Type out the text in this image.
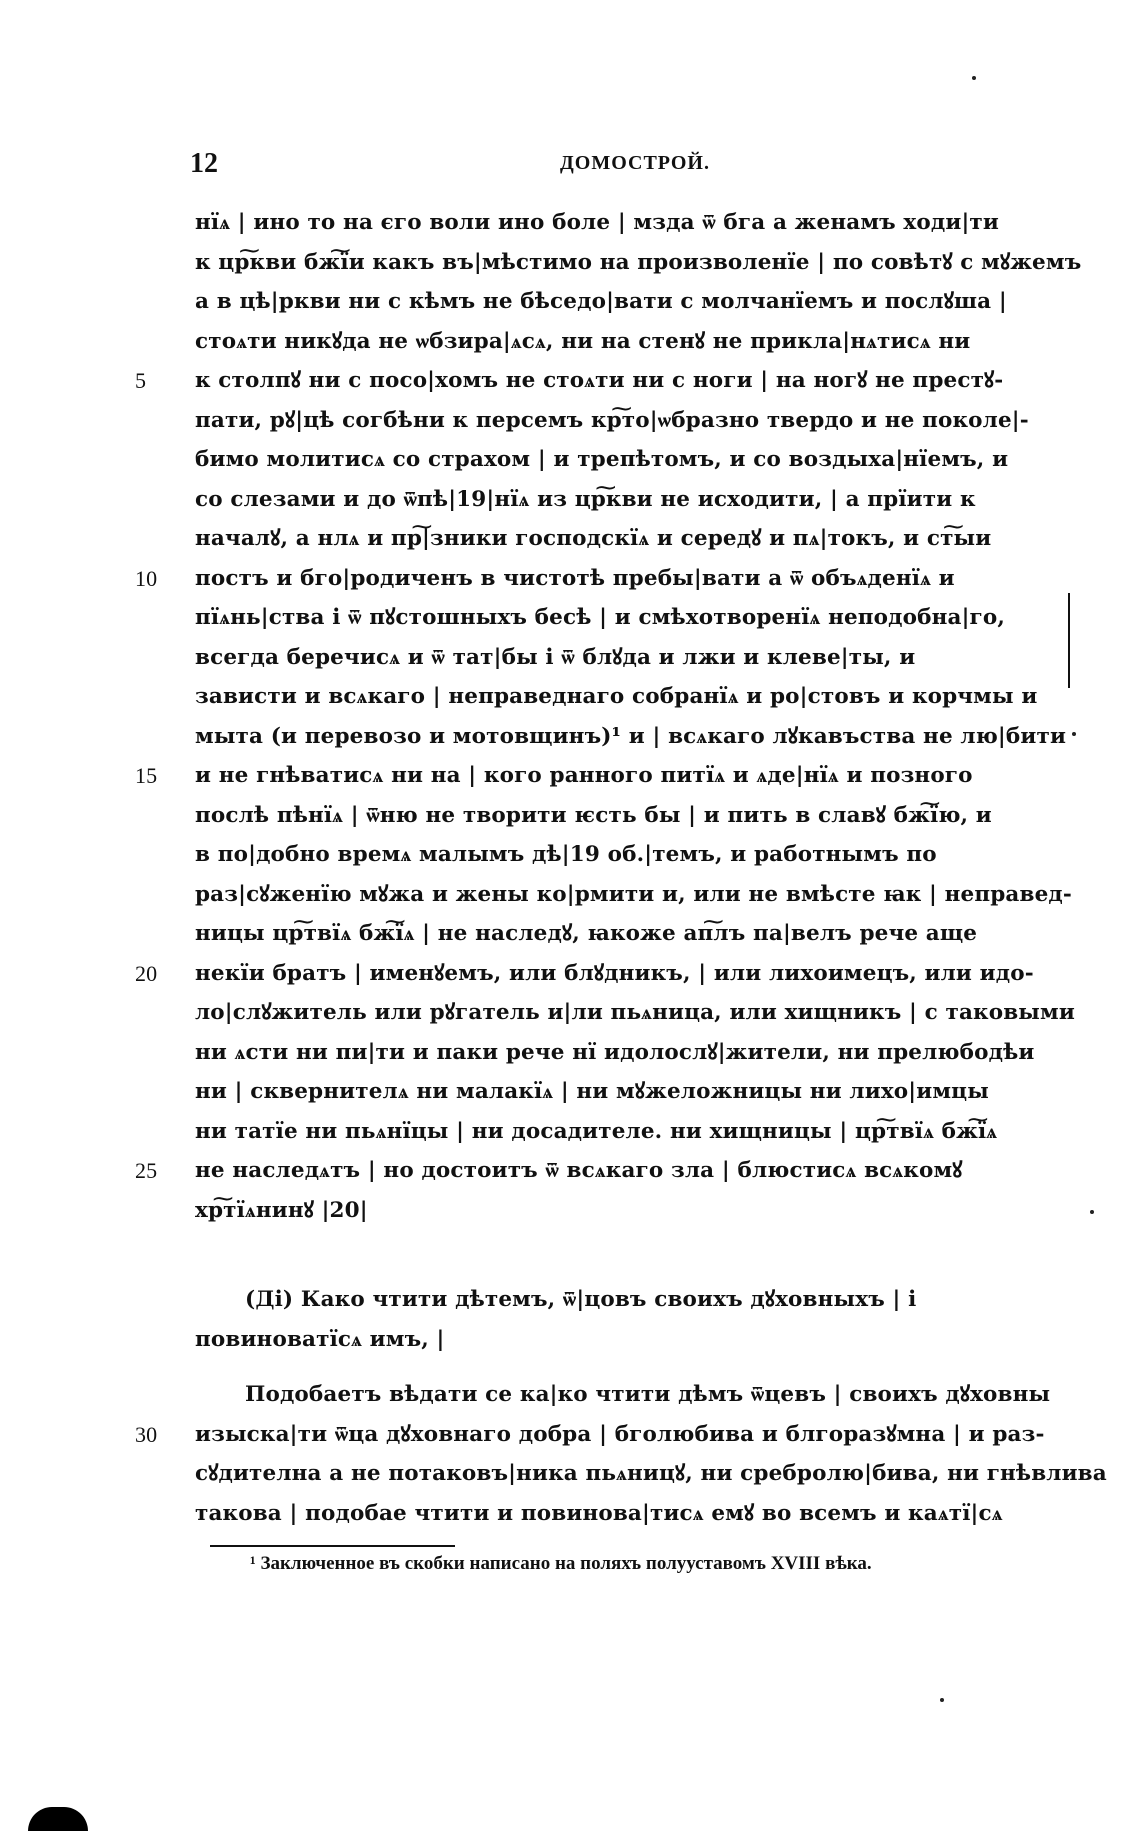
12	ДОМОСТРОЙ.
нїѧ | ино то на єго воли ино боле | мзда ѿ бга а женамъ ходи|ти
к цр͠кви бж͠їи какъ въ|мѣстимо на произволенїе | по совѣтꙋ с мꙋжемъ
а в цѣ|ркви ни с кѣмъ не бѣседо|вати с молчанїемъ и послꙋша |
стоѧти никꙋда не ѡбзира|ѧсѧ, ни на стенꙋ не прикла|нѧтисѧ ни
5	к столпꙋ ни с посо|хомъ не стоѧти ни с ноги | на ногꙋ не престꙋ-
пати, рꙋ|цѣ согбѣни к персемъ кр͠то|ѡбразно твердо и не поколе|-
бимо молитисѧ со страхом | и трепѣтомъ, и со воздыха|нїемъ, и
со слезами и до ѿпѣ|19|нїѧ из цр͠кви не исходити, | а прїити к
началꙋ, а нлѧ и пр͠|зники господскїѧ и середꙋ и пѧ|токъ, и ст͠ыи
10	постъ и бго|родиченъ в чистотѣ пребы|вати а ѿ объѧденїѧ и
пїѧнь|ства і ѿ пꙋстошныхъ бесѣ | и смѣхотворенїѧ неподобна|го,
всегда беречисѧ и ѿ тат|бы і ѿ блꙋда и лжи и клеве|ты, и
зависти и всѧкаго | неправеднаго собранїѧ и ро|стовъ и корчмы и
мыта (и перевозо и мотовщинъ)¹ и | всѧкаго лꙋкавъства не лю|бити
15	и не гнѣватисѧ ни на | кого ранного питїѧ и ѧде|нїѧ и позного
послѣ пѣнїѧ | ѿню не творити ѥсть бы | и пить в славꙋ бж͠їю, и
в по|добно времѧ малымъ дѣ|19 об.|темъ, и работнымъ по
раз|сꙋженїю мꙋжа и жены ко|рмити и, или не вмѣсте ꙗк | неправед-
ницы цр͠твїѧ бж͠їѧ | не наследꙋ, ꙗкоже ап͠лъ па|велъ рече аще
20	некїи братъ | именꙋемъ, или блꙋдникъ, | или лихоимецъ, или идо-
ло|слꙋжитель или рꙋгатель и|ли пьѧница, или хищникъ | с таковыми
ни ѧсти ни пи|ти и паки рече нї идолослꙋ|жители, ни прелюбодѣи
ни | сквернителѧ ни малакїѧ | ни мꙋжеложницы ни лихо|имцы
ни татїе ни пьѧнїцы | ни досадителе. ни хищницы | цр͠твїѧ бж͠їѧ
25	не наследѧтъ | но достоитъ ѿ всѧкаго зла | блюстисѧ всѧкомꙋ
хр͠тїѧнинꙋ |20|
(Ді) Како чтити дѣтемъ, ѿ|цовъ своихъ дꙋховныхъ | і
повиноватїсѧ имъ, |
Подобаетъ вѣдати се ка|ко чтити дѣмъ ѿцевъ | своихъ дꙋховны
30	изыска|ти ѿца дꙋховнаго добра | бголюбива и блгоразꙋмна | и раз-
сꙋдителна а не потаковъ|ника пьѧницꙋ, ни сребролю|бива, ни гнѣвлива
такова | подобае чтити и повинова|тисѧ емꙋ во всемъ и каѧтї|сѧ
¹ Заключенное въ скобки написано на поляхъ полууставомъ XVIII вѣка.
